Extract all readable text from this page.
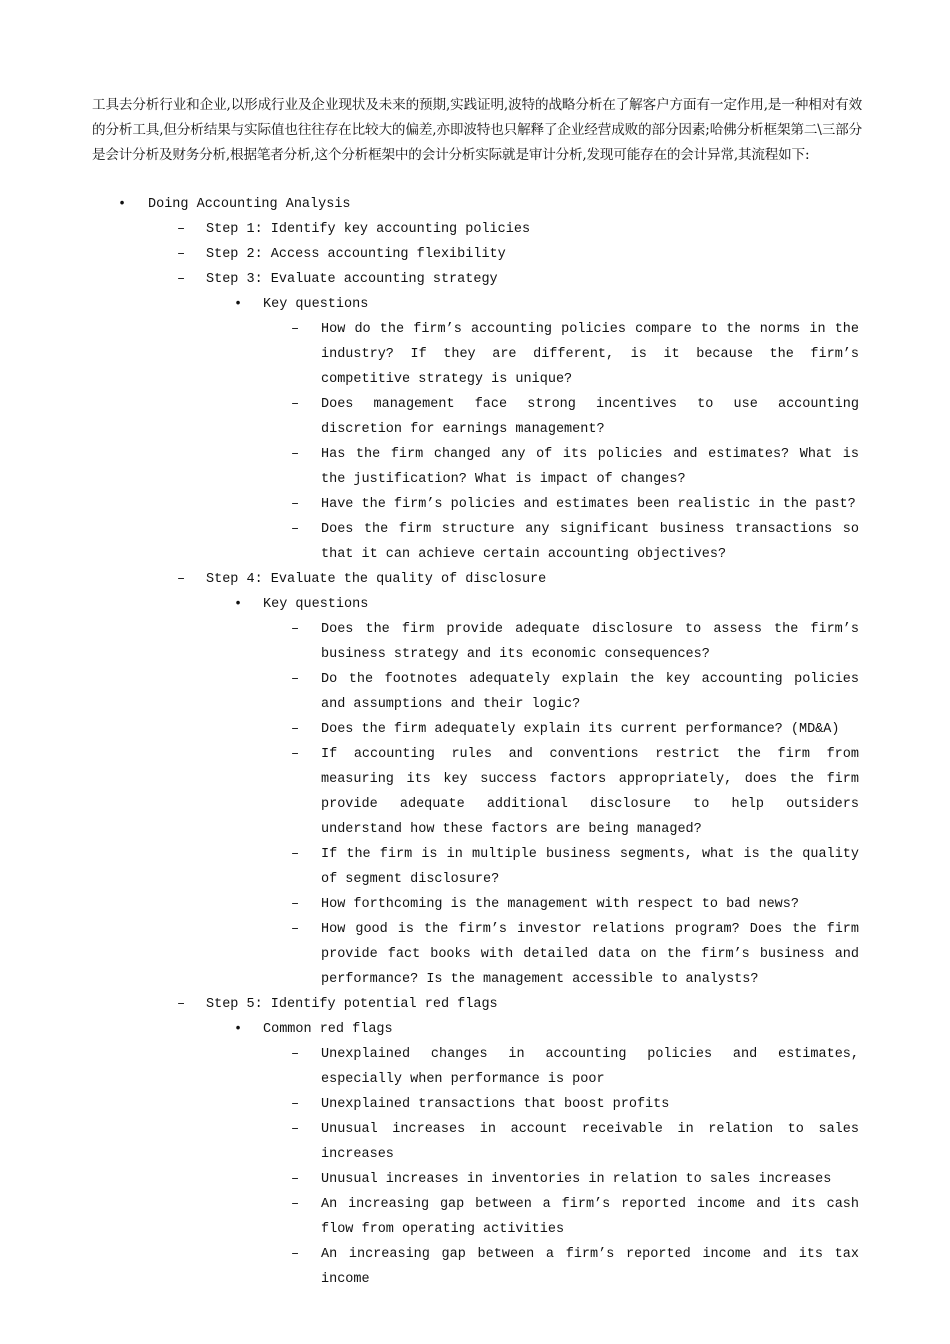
工具去分析行业和企业,以形成行业及企业现状及未来的预期,实践证明,波特的战略分析在了解客户方面有一定作用,是一种相对有效的分析工具,但分析结果与实际值也往往存在比较大的偏差,亦即波特也只解释了企业经营成败的部分因素;哈佛分析框架第二\三部分是会计分析及财务分析,根据笔者分析,这个分析框架中的会计分析实际就是审计分析,发现可能存在的会计异常,其流程如下:

• Doing Accounting Analysis
– Step 1: Identify key accounting policies
– Step 2: Access accounting flexibility
– Step 3: Evaluate accounting strategy
• Key questions
– How do the firm’s accounting policies compare to the norms in the industry? If they are different, is it because the firm’s competitive strategy is unique?
– Does management face strong incentives to use accounting discretion for earnings management?
– Has the firm changed any of its policies and estimates? What is the justification? What is impact of changes?
– Have the firm’s policies and estimates been realistic in the past?
– Does the firm structure any significant business transactions so that it can achieve certain accounting objectives?
– Step 4: Evaluate the quality of disclosure
• Key questions
– Does the firm provide adequate disclosure to assess the firm’s business strategy and its economic consequences?
– Do the footnotes adequately explain the key accounting policies and assumptions and their logic?
– Does the firm adequately explain its current performance? (MD&A)
– If accounting rules and conventions restrict the firm from measuring its key success factors appropriately, does the firm provide adequate additional disclosure to help outsiders understand how these factors are being managed?
– If the firm is in multiple business segments, what is the quality of segment disclosure?
– How forthcoming is the management with respect to bad news?
– How good is the firm’s investor relations program? Does the firm provide fact books with detailed data on the firm’s business and performance? Is the management accessible to analysts?
– Step 5: Identify potential red flags
• Common red flags
– Unexplained changes in accounting policies and estimates, especially when performance is poor
– Unexplained transactions that boost profits
– Unusual increases in account receivable in relation to sales increases
– Unusual increases in inventories in relation to sales increases
– An increasing gap between a firm’s reported income and its cash flow from operating activities
– An increasing gap between a firm’s reported income and its tax income
